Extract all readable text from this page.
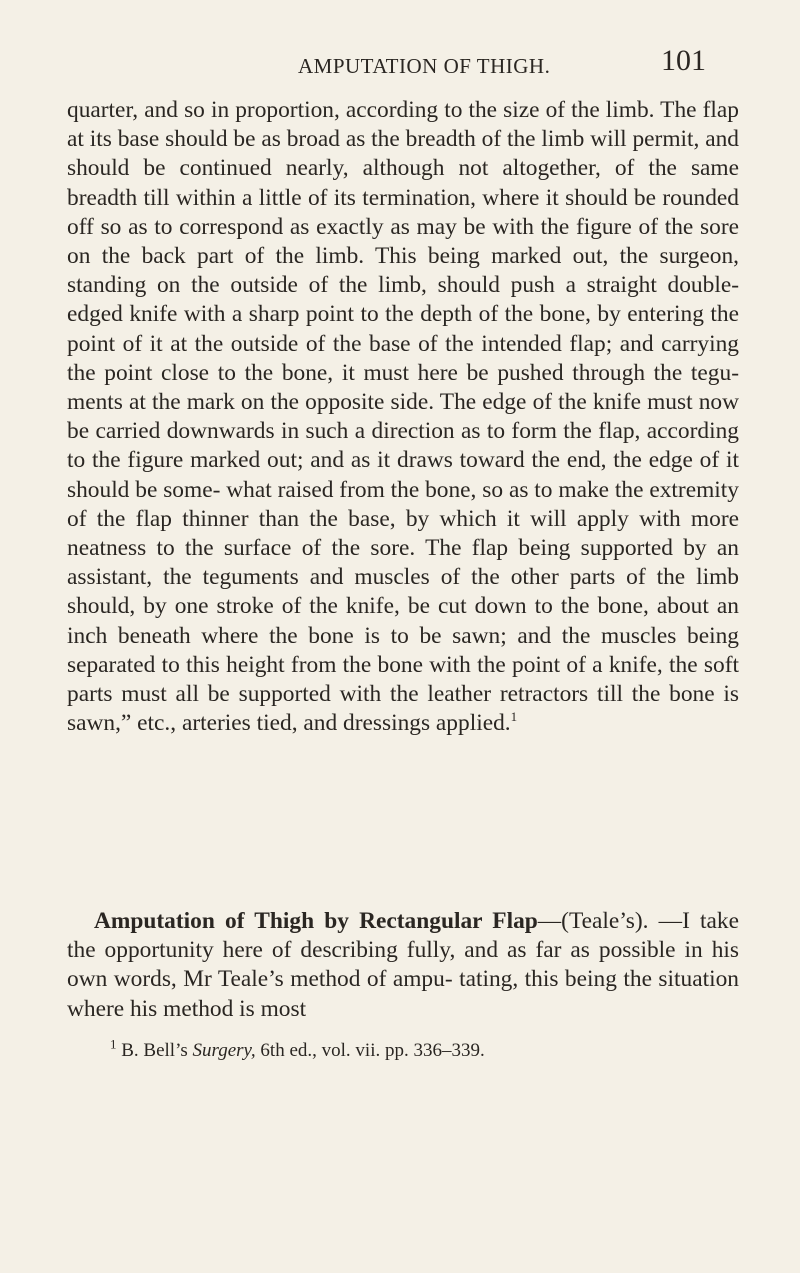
AMPUTATION OF THIGH.	101

quarter, and so in proportion, according to the size of the limb. The flap at its base should be as broad as the breadth of the limb will permit, and should be continued nearly, although not altogether, of the same breadth till within a little of its termination, where it should be rounded off so as to correspond as exactly as may be with the figure of the sore on the back part of the limb. This being marked out, the surgeon, standing on the outside of the limb, should push a straight double-edged knife with a sharp point to the depth of the bone, by entering the point of it at the outside of the base of the intended flap; and carrying the point close to the bone, it must here be pushed through the tegu- ments at the mark on the opposite side. The edge of the knife must now be carried downwards in such a direction as to form the flap, according to the figure marked out; and as it draws toward the end, the edge of it should be some- what raised from the bone, so as to make the extremity of the flap thinner than the base, by which it will apply with more neatness to the surface of the sore. The flap being supported by an assistant, the teguments and muscles of the other parts of the limb should, by one stroke of the knife, be cut down to the bone, about an inch beneath where the bone is to be sawn; and the muscles being separated to this height from the bone with the point of a knife, the soft parts must all be supported with the leather retractors till the bone is sawn,” etc., arteries tied, and dressings applied.$^1$

Amputation of Thigh by Rectangular Flap—(Teale’s). —I take the opportunity here of describing fully, and as far as possible in his own words, Mr Teale’s method of ampu- tating, this being the situation where his method is most

$^1$ B. Bell’s Surgery, 6th ed., vol. vii. pp. 336–339.
